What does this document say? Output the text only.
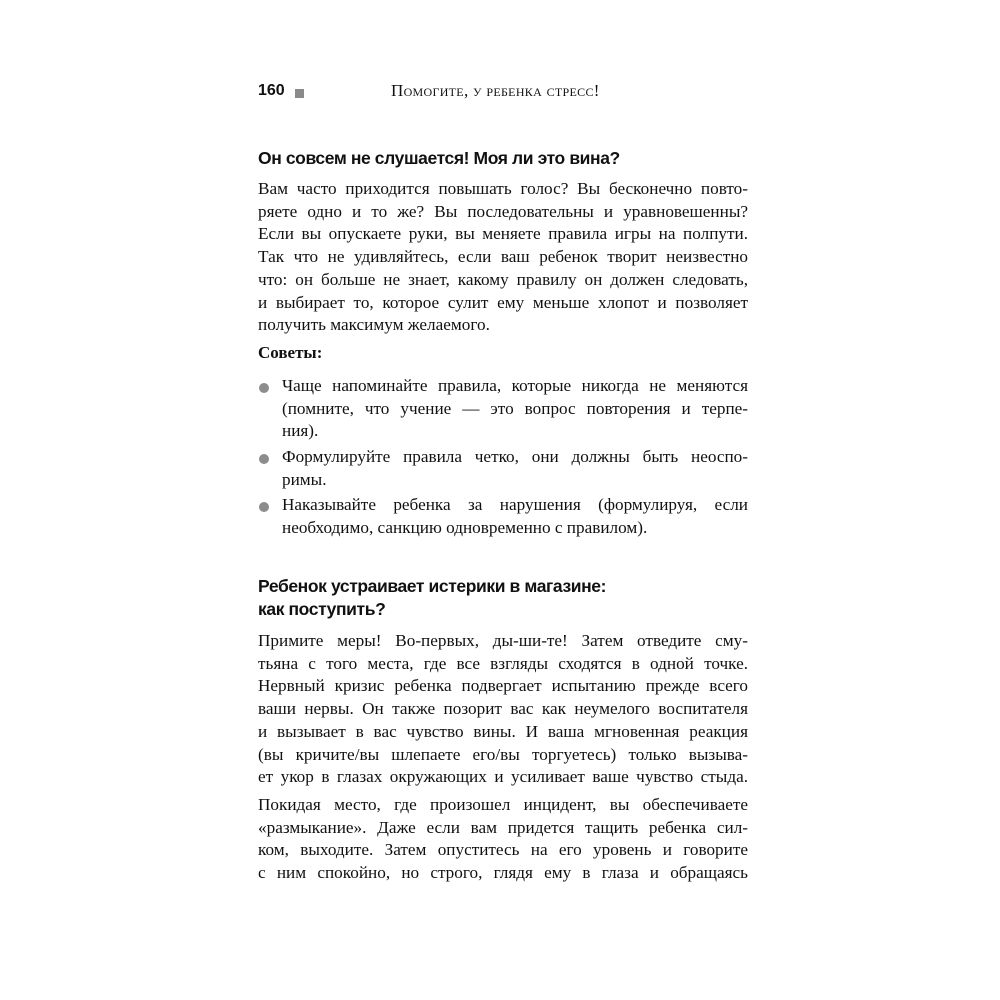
160	Помогите, у ребенка стресс!
Он совсем не слушается! Моя ли это вина?

Вам часто приходится повышать голос? Вы бесконечно повто-
ряете одно и то же? Вы последовательны и уравновешенны?
Если вы опускаете руки, вы меняете правила игры на полпути.
Так что не удивляйтесь, если ваш ребенок творит неизвестно
что: он больше не знает, какому правилу он должен следовать,
и выбирает то, которое сулит ему меньше хлопот и позволяет
получить максимум желаемого.

Советы:

Чаще напоминайте правила, которые никогда не меняются
(помните, что учение — это вопрос повторения и терпе-
ния).
Формулируйте правила четко, они должны быть неоспо-
римы.
Наказывайте ребенка за нарушения (формулируя, если
необходимо, санкцию одновременно с правилом).
Ребенок устраивает истерики в магазине:
как поступить?

Примите меры! Во-первых, ды-ши-те! Затем отведите сму-
тьяна с того места, где все взгляды сходятся в одной точке.
Нервный кризис ребенка подвергает испытанию прежде всего
ваши нервы. Он также позорит вас как неумелого воспитателя
и вызывает в вас чувство вины. И ваша мгновенная реакция
(вы кричите/вы шлепаете его/вы торгуетесь) только вызыва-
ет укор в глазах окружающих и усиливает ваше чувство стыда.

Покидая место, где произошел инцидент, вы обеспечиваете
«размыкание». Даже если вам придется тащить ребенка сил-
ком, выходите. Затем опуститесь на его уровень и говорите
с ним спокойно, но строго, глядя ему в глаза и обращаясь
